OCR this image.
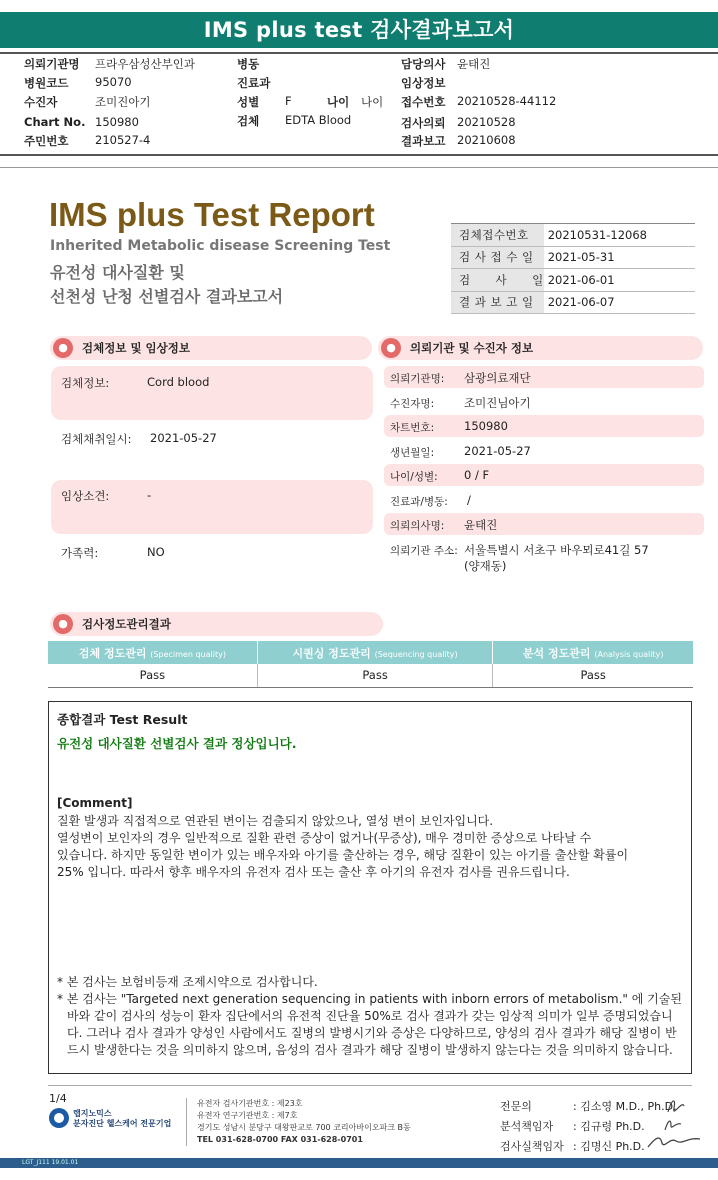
IMS plus test 검사결과보고서
의뢰기관명 프라우삼성산부인과
병원코드 95070
수진자	조미진아기
Chart No. 150980
주민번호 210527-4
병동
진료과
성별 F	나이 나이
검체 EDTA Blood
담당의사 윤태진
임상정보
접수번호 20210528-44112
검사의뢰 20210528
결과보고 20210608
IMS plus Test Report
Inherited Metabolic disease Screening Test
유전성 대사질환 및
선천성 난청 선별검사 결과보고서
검체접수번호	20210531-12068
검 사 접 수 일	2021-05-31
검      사      일	2021-06-01
결 과 보 고 일	2021-06-07
●	검체정보 및 임상정보
검체정보:	Cord blood
검체채취일시: 2021-05-27
임상소견:	-
가족력:	NO
●	의뢰기관 및 수진자 정보
의뢰기관명: 삼광의료재단
수진자명:	조미진님아기
차트번호:	150980
생년월일:	2021-05-27
나이/성별: 0 / F
진료과/병동: /
의뢰의사명: 윤태진
의뢰기관 주소: 서울특별시 서초구 바우뫼로41길 57
(양재동)
●	검사정도관리결과
검체 정도관리 (Specimen quality)	시퀀싱 정도관리 (Sequencing quality)	분석 정도관리 (Analysis quality)
Pass	Pass	Pass
종합결과 Test Result
유전성 대사질환 선별검사 결과 정상입니다.
[Comment]
질환 발생과 직접적으로 연관된 변이는 검출되지 않았으나, 열성 변이 보인자입니다.
열성변이 보인자의 경우 일반적으로 질환 관련 증상이 없거나(무증상), 매우 경미한 증상으로 나타날 수
있습니다. 하지만 동일한 변이가 있는 배우자와 아기를 출산하는 경우, 해당 질환이 있는 아기를 출산할 확률이
25% 입니다. 따라서 향후 배우자의 유전자 검사 또는 출산 후 아기의 유전자 검사를 권유드립니다.

* 본 검사는 보험비등재 조제시약으로 검사합니다.

* 본 검사는 "Targeted next generation sequencing in patients with inborn errors of metabolism." 에 기술된 바와 같이 검사의 성능이 환자 집단에서의 유전적 진단율 50%로 검사 결과가 갖는 임상적 의미가 일부 증명되었습니다. 그러나 검사 결과가 양성인 사람에서도 질병의 발병시기와 증상은 다양하므로, 양성의 검사 결과가 해당 질병이 반드시 발생한다는 것을 의미하지 않으며, 음성의 검사 결과가 해당 질병이 발생하지 않는다는 것을 의미하지 않습니다.

1/4
랩지노믹스
분자진단 헬스케어 전문기업
유전자 검사기관번호 : 제23호
유전자 연구기관번호 : 제7호
경기도 성남시 분당구 대왕판교로 700 코리아바이오파크 B동
TEL 031-628-0700 FAX 031-628-0701
전문의	: 김소영 M.D., Ph.D.
분석책임자 : 김규령 Ph.D.
검사실책임자 : 김명신 Ph.D.
LGT_J111 19.01.01
